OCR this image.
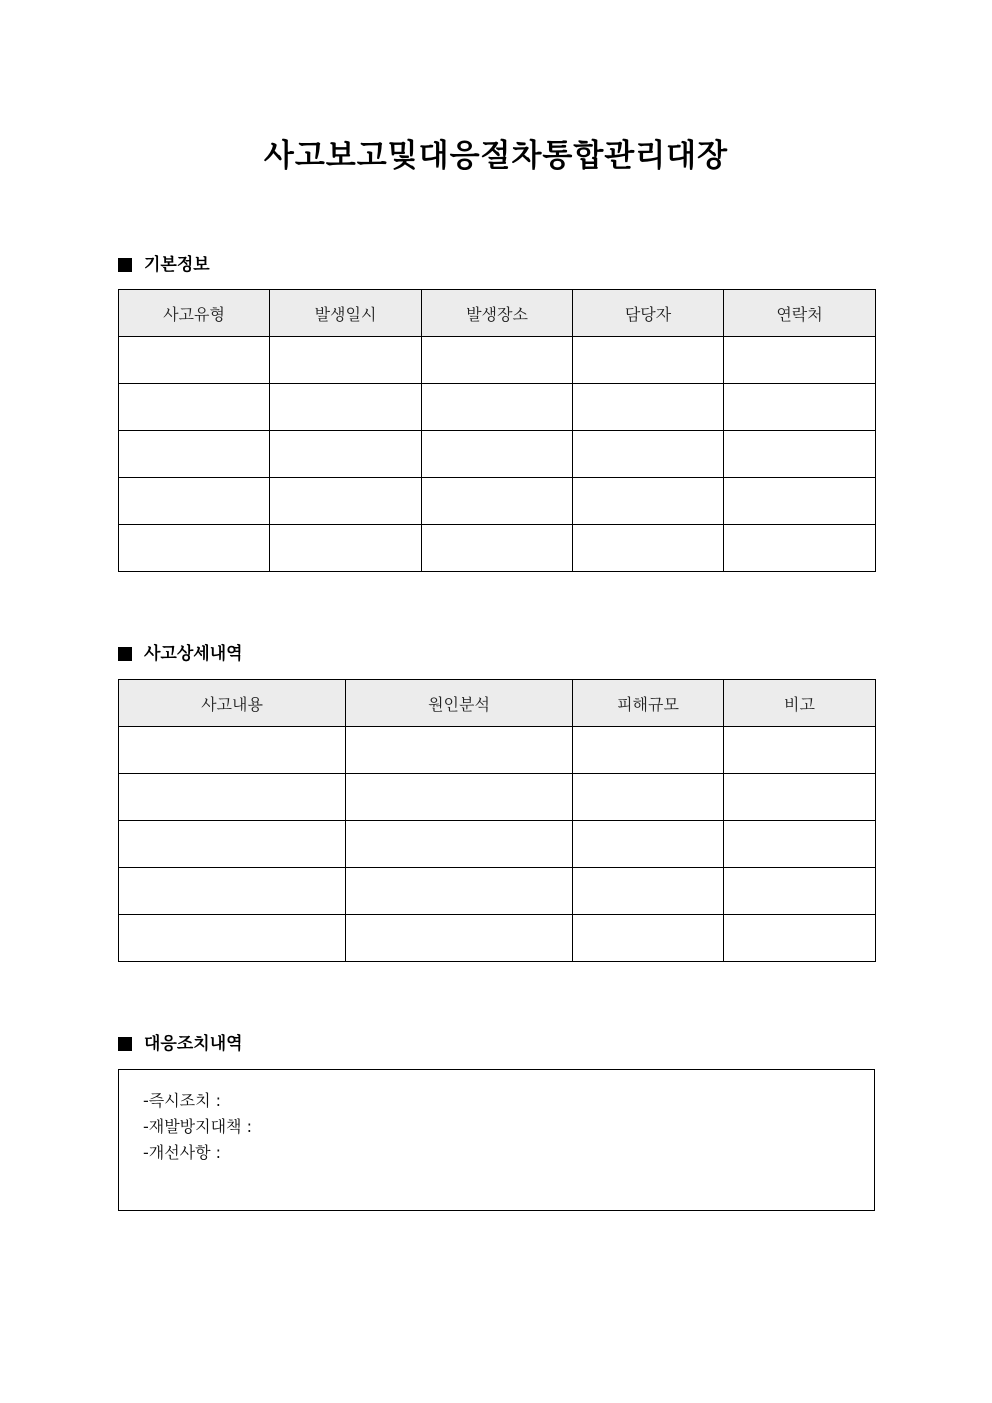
사고보고및대응절차통합관리대장
기본정보
사고유형	발생일시	발생장소	담당자	연락처

사고상세내역
사고내용	원인분석	피해규모	비고

대응조치내역
-즉시조치 :
-재발방지대책 :
-개선사항 :
